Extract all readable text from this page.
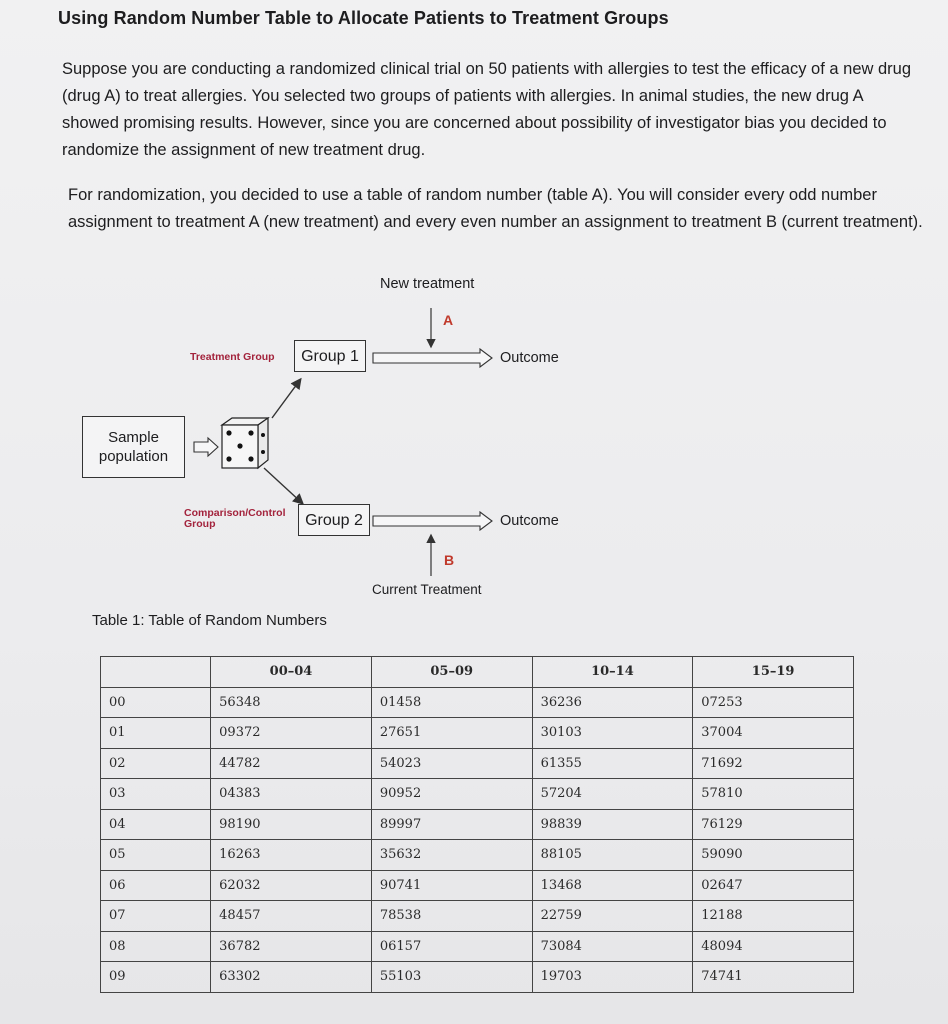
Using Random Number Table to Allocate Patients to Treatment Groups
Suppose you are conducting a randomized clinical trial on 50 patients with allergies to test the efficacy of a new drug (drug A) to treat allergies. You selected two groups of patients with allergies. In animal studies, the new drug A showed promising results. However, since you are concerned about possibility of investigator bias you decided to randomize the assignment of new treatment drug.
For randomization, you decided to use a table of random number (table A). You will consider every odd number assignment to treatment A (new treatment) and every even number an assignment to treatment B (current treatment).
New treatment
A
Treatment Group	Group 1	Outcome
Sample population
Comparison/Control Group	Group 2	Outcome
B
Current Treatment
Table 1: Table of Random Numbers
	00–04	05–09	10–14	15–19
00	56348	01458	36236	07253
01	09372	27651	30103	37004
02	44782	54023	61355	71692
03	04383	90952	57204	57810
04	98190	89997	98839	76129
05	16263	35632	88105	59090
06	62032	90741	13468	02647
07	48457	78538	22759	12188
08	36782	06157	73084	48094
09	63302	55103	19703	74741
